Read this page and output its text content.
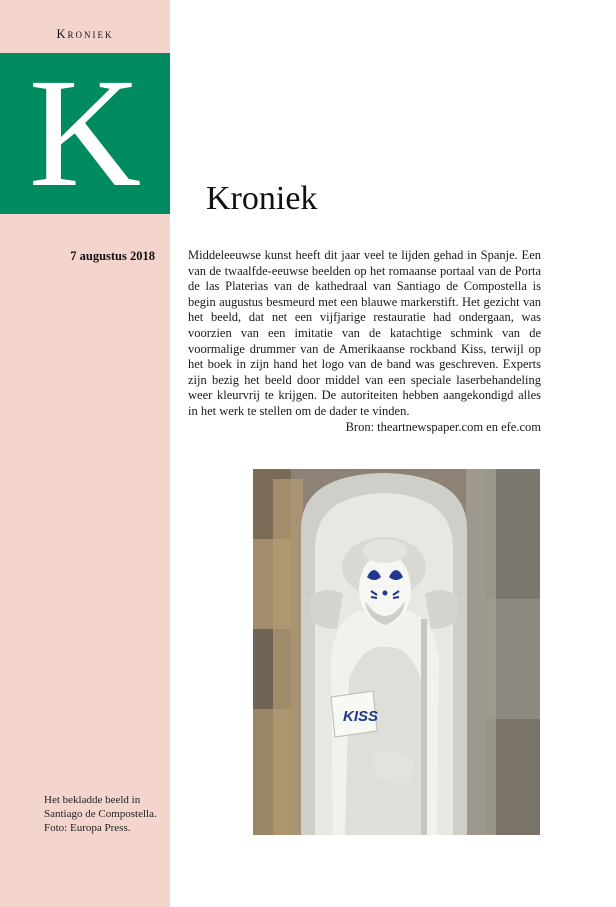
Kroniek
K	Kroniek
7 augustus 2018	Middeleeuwse kunst heeft dit jaar veel te lijden gehad in Spanje. Een van de twaalfde-eeuwse beelden op het romaanse portaal van de Porta de las Platerias van de kathedraal van Santiago de Compostella is begin augustus besmeurd met een blauwe markerstift. Het gezicht van het beeld, dat net een vijfjarige restauratie had ondergaan, was voorzien van een imitatie van de katachtige schmink van de voormalige drummer van de Amerikaanse rockband Kiss, terwijl op het boek in zijn hand het logo van de band was geschreven. Experts zijn bezig het beeld door middel van een speciale laserbehandeling weer kleurvrij te krijgen. De autoriteiten hebben aangekondigd alles in het werk te stellen om de dader te vinden.

Bron: theartnewspaper.com en efe.com

KISS
Het bekladde beeld in Santiago de Compostella. Foto: Europa Press.
